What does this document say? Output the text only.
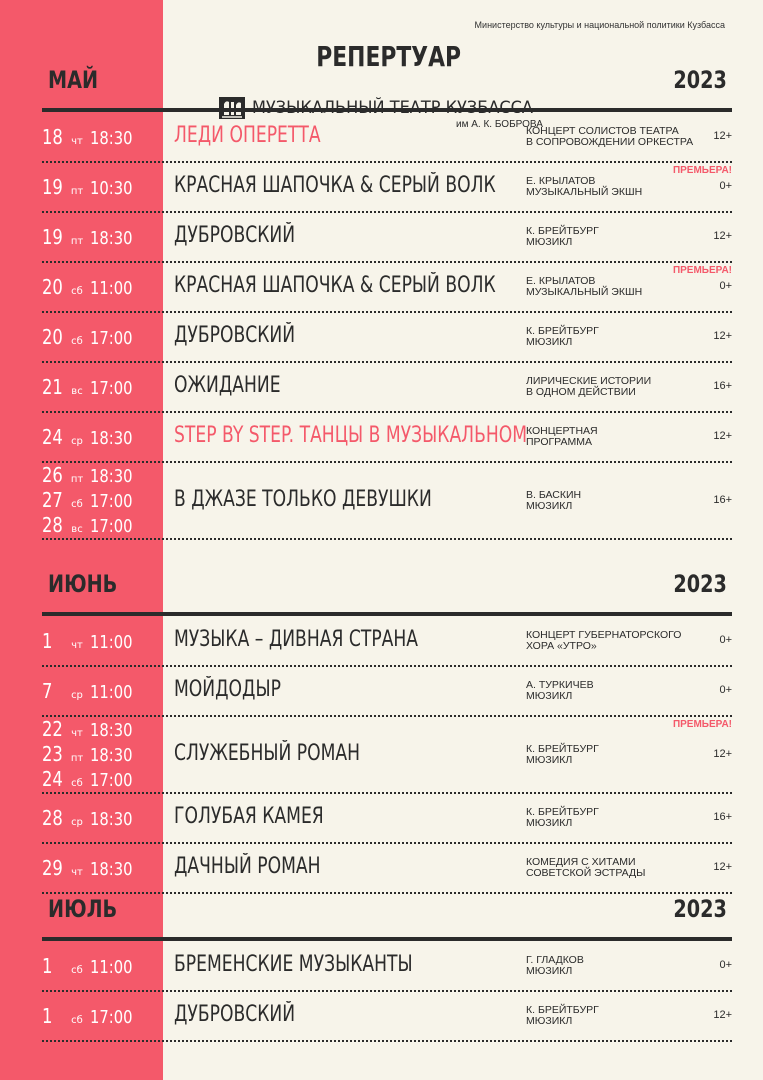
Министерство культуры и национальной политики Кузбасса
РЕПЕРТУАР
им А. К. БОБРОВА
МАЙ	2023
18 чт 18:30	ЛЕДИ ОПЕРЕТТА	КОНЦЕРТ СОЛИСТОВ ТЕАТРА
В СОПРОВОЖДЕНИИ ОРКЕСТРА	12+
19 пт 10:30	КРАСНАЯ ШАПОЧКА & СЕРЫЙ ВОЛК	Е. КРЫЛАТОВ
МУЗЫКАЛЬНЫЙ ЭКШН	0+
ПРЕМЬЕРА!
19 пт 18:30	ДУБРОВСКИЙ	К. БРЕЙТБУРГ
МЮЗИКЛ	12+
20 сб 11:00	КРАСНАЯ ШАПОЧКА & СЕРЫЙ ВОЛК	Е. КРЫЛАТОВ
МУЗЫКАЛЬНЫЙ ЭКШН	0+
ПРЕМЬЕРА!
20 сб 17:00	ДУБРОВСКИЙ	К. БРЕЙТБУРГ
МЮЗИКЛ	12+
21 вс 17:00	ОЖИДАНИЕ	ЛИРИЧЕСКИЕ ИСТОРИИ
В ОДНОМ ДЕЙСТВИИ	16+
24 ср 18:30	STEP BY STEP. ТАНЦЫ В МУЗЫКАЛЬНОМ
КОНЦЕРТНАЯ
ПРОГРАММА	12+
26 пт 18:30
27 сб 17:00
28 вс 17:00
В ДЖАЗЕ ТОЛЬКО ДЕВУШКИ	В. БАСКИН
МЮЗИКЛ	16+
ИЮНЬ	2023
1 чт 11:00	МУЗЫКА – ДИВНАЯ СТРАНА	КОНЦЕРТ ГУБЕРНАТОРСКОГО
ХОРА «УТРО»	0+
7 ср 11:00	МОЙДОДЫР	А. ТУРКИЧЕВ
МЮЗИКЛ	0+
22 чт 18:30
23 пт 18:30
24 сб 17:00
СЛУЖЕБНЫЙ РОМАН	К. БРЕЙТБУРГ
МЮЗИКЛ	12+
ПРЕМЬЕРА!
28 ср 18:30	ГОЛУБАЯ КАМЕЯ	К. БРЕЙТБУРГ
МЮЗИКЛ	16+
29 чт 18:30	ДАЧНЫЙ РОМАН	КОМЕДИЯ С ХИТАМИ
СОВЕТСКОЙ ЭСТРАДЫ	12+
ИЮЛЬ	2023
1 сб 11:00	БРЕМЕНСКИЕ МУЗЫКАНТЫ	Г. ГЛАДКОВ
МЮЗИКЛ	0+
1 сб 17:00	ДУБРОВСКИЙ	К. БРЕЙТБУРГ
МЮЗИКЛ	12+
